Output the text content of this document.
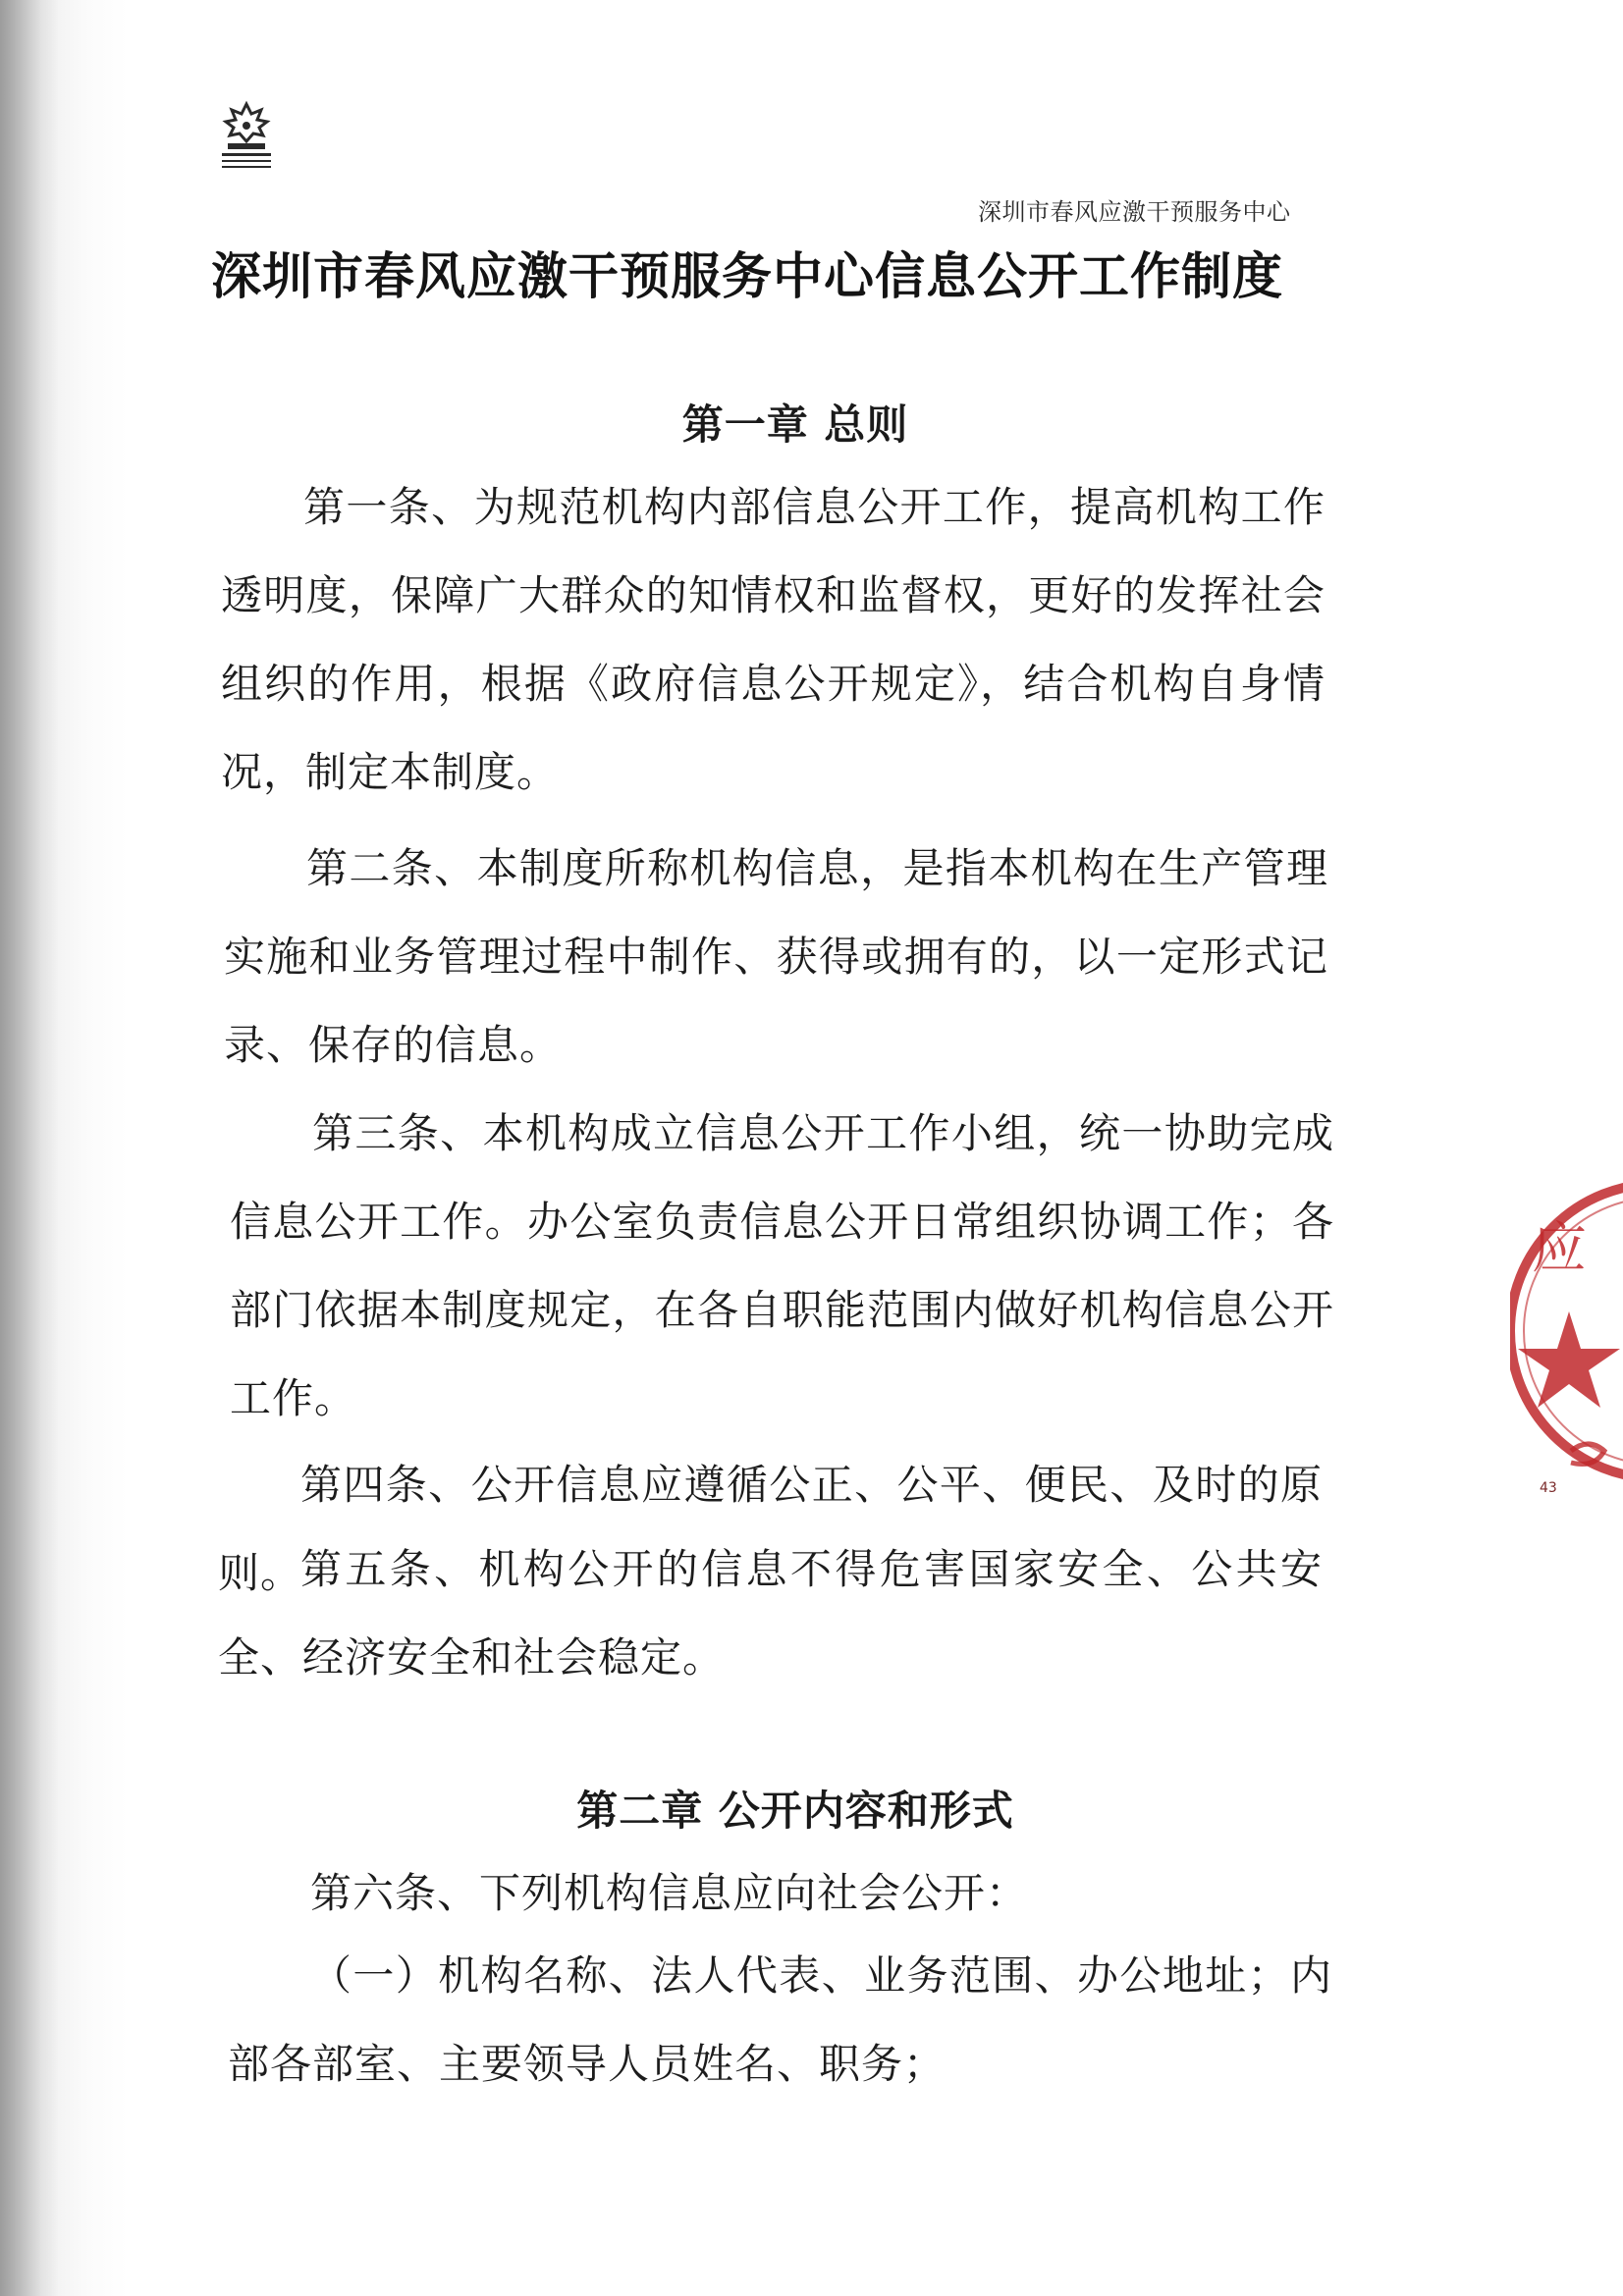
深圳市春风应激干预服务中心
深圳市春风应激干预服务中心信息公开工作制度
第一章 总则
第一条、为规范机构内部信息公开工作，提高机构工作透明度，保障广大群众的知情权和监督权，更好的发挥社会组织的作用，根据《政府信息公开规定》，结合机构自身情况，制定本制度。
第二条、本制度所称机构信息，是指本机构在生产管理实施和业务管理过程中制作、获得或拥有的，以一定形式记录、保存的信息。
第三条、本机构成立信息公开工作小组，统一协助完成信息公开工作。办公室负责信息公开日常组织协调工作；各部门依据本制度规定，在各自职能范围内做好机构信息公开工作。
第四条、公开信息应遵循公正、公平、便民、及时的原则。
第五条、机构公开的信息不得危害国家安全、公共安全、经济安全和社会稳定。
第二章 公开内容和形式
第六条、下列机构信息应向社会公开：
（一）机构名称、法人代表、业务范围、办公地址；内部各部室、主要领导人员姓名、职务；
应
43
